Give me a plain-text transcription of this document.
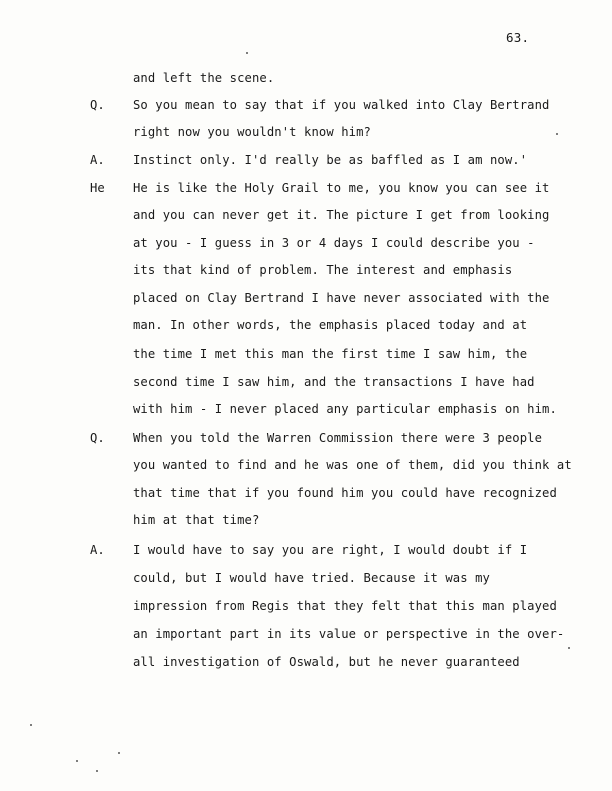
63.
and left the scene.
Q. So you mean to say that if you walked into Clay Bertrand
right now you wouldn't know him?
A. Instinct only. I'd really be as baffled as I am now.'
He He is like the Holy Grail to me, you know you can see it
and you can never get it. The picture I get from looking
at you - I guess in 3 or 4 days I could describe you -
its that kind of problem. The interest and emphasis
placed on Clay Bertrand I have never associated with the
man. In other words, the emphasis placed today and at
the time I met this man the first time I saw him, the
second time I saw him, and the transactions I have had
with him - I never placed any particular emphasis on him.
Q. When you told the Warren Commission there were 3 people
you wanted to find and he was one of them, did you think at
that time that if you found him you could have recognized
him at that time?
A. I would have to say you are right, I would doubt if I
could, but I would have tried. Because it was my
impression from Regis that they felt that this man played
an important part in its value or perspective in the over-
all investigation of Oswald, but he never guaranteed
